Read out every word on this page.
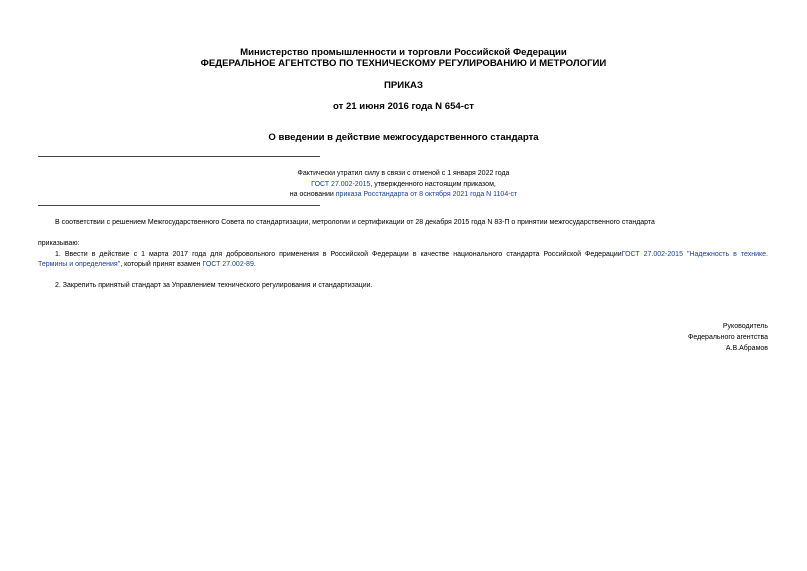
Министерство промышленности и торговли Российской Федерации
ФЕДЕРАЛЬНОЕ АГЕНТСТВО ПО ТЕХНИЧЕСКОМУ РЕГУЛИРОВАНИЮ И МЕТРОЛОГИИ
ПРИКАЗ
от 21 июня 2016 года N 654-ст
О введении в действие межгосударственного стандарта
Фактически утратил силу в связи с отменой с 1 января 2022 года
ГОСТ 27.002-2015, утвержденного настоящим приказом,
на основании приказа Росстандарта от 8 октября 2021 года N 1104-ст
В соответствии с решением Межгосударственного Совета по стандартизации, метрологии и сертификации от 28 декабря 2015 года N 83-П о принятии межгосударственного стандарта
приказываю:
1. Ввести в действие с 1 марта 2017 года для добровольного применения в Российской Федерации в качестве национального стандарта Российской ФедерацииГОСТ 27.002-2015 "Надежность в технике.
Термины и определения", который принят взамен ГОСТ 27.002-89.
2. Закрепить принятый стандарт за Управлением технического регулирования и стандартизации.
Руководитель
Федерального агентства
А.В.Абрамов
